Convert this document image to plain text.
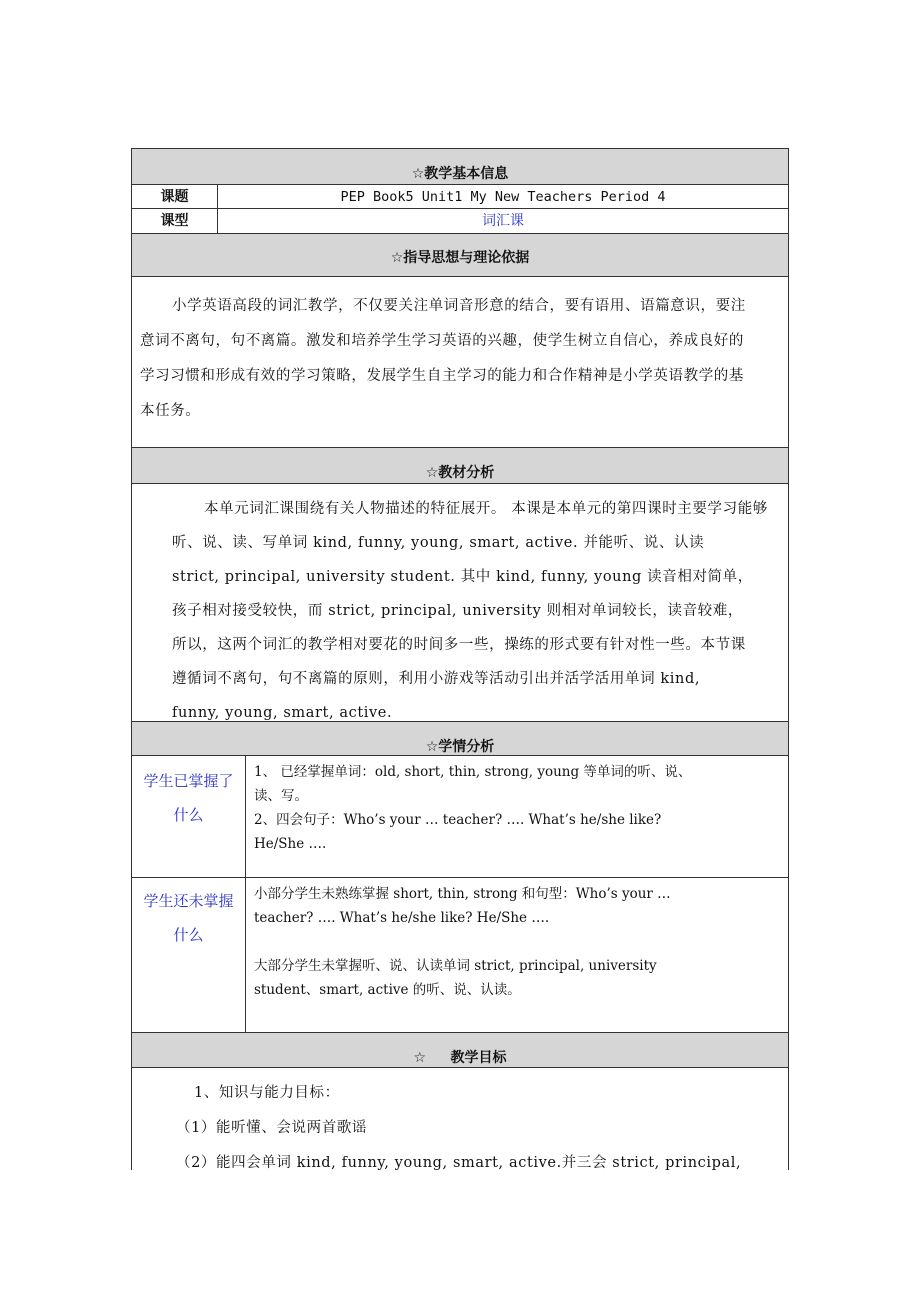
☆教学基本信息
课题	PEP Book5 Unit1 My New Teachers Period 4
课型	词汇课
☆指导思想与理论依据

小学英语高段的词汇教学，不仅要关注单词音形意的结合，要有语用、语篇意识，要注

意词不离句，句不离篇。激发和培养学生学习英语的兴趣，使学生树立自信心，养成良好的

学习习惯和形成有效的学习策略，发展学生自主学习的能力和合作精神是小学英语教学的基

本任务。

☆教材分析

本单元词汇课围绕有关人物描述的特征展开。 本课是本单元的第四课时主要学习能够

听、说、读、写单词 kind, funny, young, smart, active. 并能听、说、认读

strict, principal, university student. 其中 kind, funny, young 读音相对简单，

孩子相对接受较快，而 strict, principal, university 则相对单词较长，读音较难，

所以，这两个词汇的教学相对要花的时间多一些，操练的形式要有针对性一些。本节课

遵循词不离句，句不离篇的原则，利用小游戏等活动引出并活学活用单词 kind,

funny, young, smart, active.

☆学情分析

学生已掌握了

什么

1、 已经掌握单词：old, short, thin, strong, young 等单词的听、说、

读、写。

2、四会句子：Who’s your … teacher? …. What’s he/she like?

He/She ….

学生还未掌握

什么

小部分学生未熟练掌握 short, thin, strong 和句型：Who’s your …

teacher? …. What’s he/she like? He/She ….

大部分学生未掌握听、说、认读单词 strict, principal, university

student、smart, active 的听、说、认读。

☆ 教学目标

1、知识与能力目标：

（1）能听懂、会说两首歌谣

（2）能四会单词 kind, funny, young, smart, active.并三会 strict, principal,
